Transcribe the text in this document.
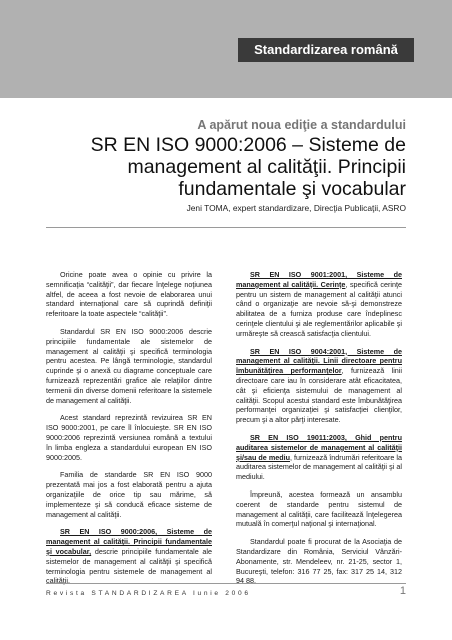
Standardizarea română
A apărut noua ediţie a standardului
SR EN ISO 9000:2006 – Sisteme de management al calităţii. Principii fundamentale şi vocabular
Jeni TOMA, expert standardizare, Direcţia Publicaţii, ASRO

Oricine poate avea o opinie cu privire la semnificaţia “calităţii”, dar fiecare înţelege noţiunea altfel, de aceea a fost nevoie de elaborarea unui standard internaţional care să cuprindă definiţii referitoare la toate aspectele “calităţii”.

Standardul SR EN ISO 9000:2006 descrie principiile fundamentale ale sistemelor de management al calităţii şi specifică terminologia pentru acestea. Pe lângă terminologie, standardul cuprinde şi o anexă cu diagrame conceptuale care furnizează reprezentări grafice ale relaţiilor dintre termenii din diverse domenii referitoare la sistemele de management al calităţii.

Acest standard reprezintă revizuirea SR EN ISO 9000:2001, pe care îl înlocuieşte. SR EN ISO 9000:2006 reprezintă versiunea română a textului în limba engleza a standardului european EN ISO 9000:2005.

Familia de standarde SR EN ISO 9000 prezentată mai jos a fost elaborată pentru a ajuta organizaţiile de orice tip sau mărime, să implementeze şi să conducă eficace sisteme de management al calităţii.

SR EN ISO 9000:2006, Sisteme de management al calităţii. Principii fundamentale şi vocabular, descrie principiile fundamentale ale sistemelor de management al calităţii şi specifică terminologia pentru sistemele de management al calităţii.

SR EN ISO 9001:2001, Sisteme de management al calităţii. Cerinţe, specifică cerinţe pentru un sistem de management al calităţii atunci când o organizaţie are nevoie să-şi demonstreze abilitatea de a furniza produse care îndeplinesc cerinţele clientului şi ale reglementărilor aplicabile şi urmăreşte să crească satisfacţia clientului.

SR EN ISO 9004:2001, Sisteme de management al calităţii. Linii directoare pentru îmbunătăţirea performanţelor, furnizează linii directoare care iau în considerare atât eficacitatea, cât şi eficienţa sistemului de management al calităţii. Scopul acestui standard este îmbunătăţirea performanţei organizaţiei şi satisfacţiei clienţilor, precum şi a altor părţi interesate.

SR EN ISO 19011:2003, Ghid pentru auditarea sistemelor de management al calităţii şi/sau de mediu, furnizează îndrumări referitoare la auditarea sistemelor de management al calităţii şi al mediului.

Împreună, acestea formează un ansamblu coerent de standarde pentru sistemul de management al calităţii, care facilitează înţelegerea mutuală în comerţul naţional şi internaţional.

Standardul poate fi procurat de la Asociaţia de Standardizare din România, Serviciul Vânzări-Abonamente, str. Mendeleev, nr. 21-25, sector 1, Bucureşti, telefon: 316 77 25, fax: 317 25 14, 312 94 88.

Revista STANDARDIZAREA Iunie 2006	1
